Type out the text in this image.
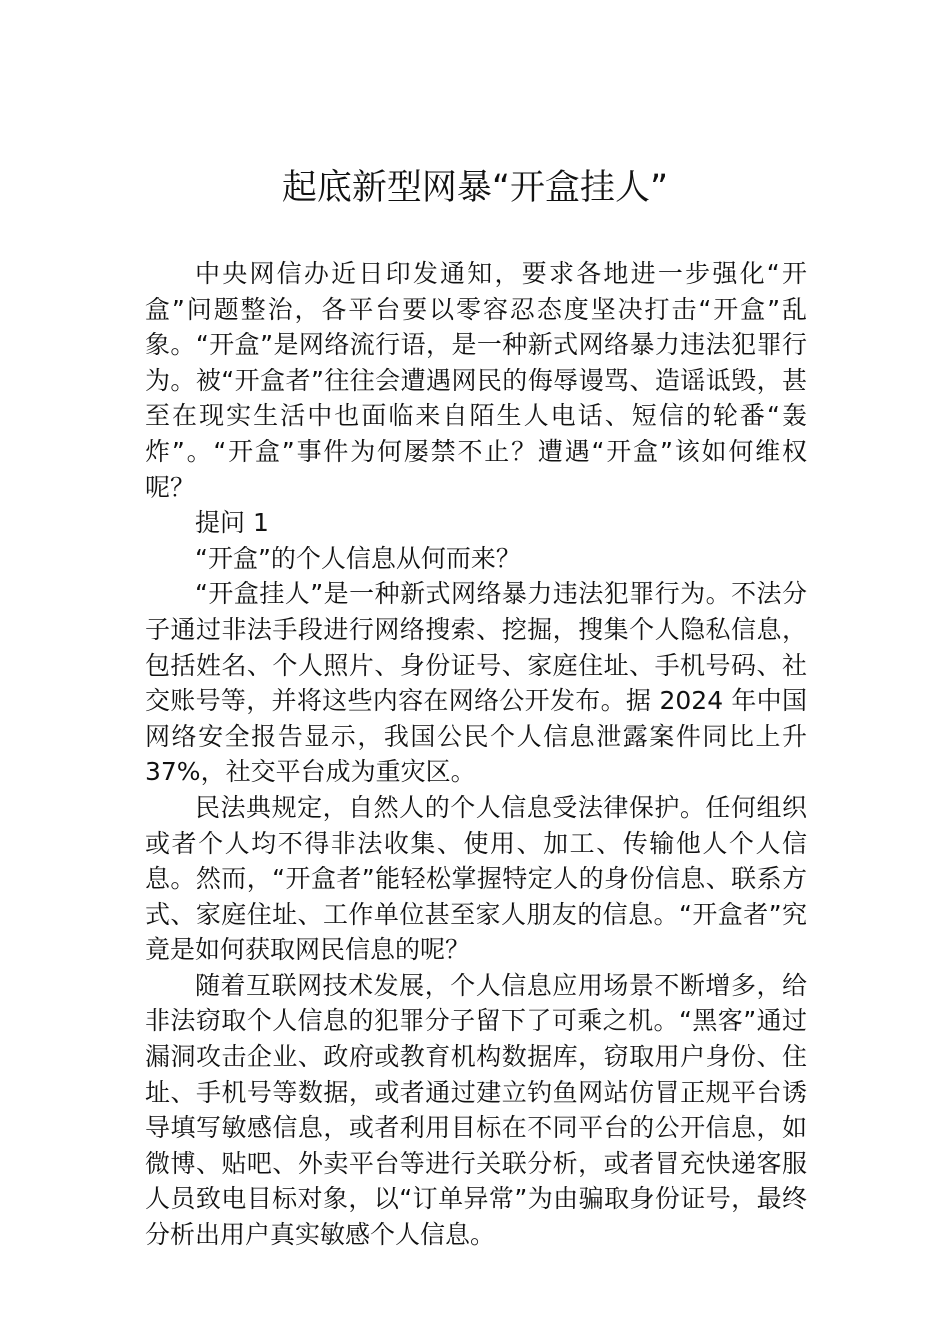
起底新型网暴“开盒挂人”

中央网信办近日印发通知，要求各地进一步强化“开盒”问题整治，各平台要以零容忍态度坚决打击“开盒”乱象。“开盒”是网络流行语，是一种新式网络暴力违法犯罪行为。被“开盒者”往往会遭遇网民的侮辱谩骂、造谣诋毁，甚至在现实生活中也面临来自陌生人电话、短信的轮番“轰炸”。“开盒”事件为何屡禁不止？遭遇“开盒”该如何维权呢？

提问 1

“开盒”的个人信息从何而来？

“开盒挂人”是一种新式网络暴力违法犯罪行为。不法分子通过非法手段进行网络搜索、挖掘，搜集个人隐私信息，包括姓名、个人照片、身份证号、家庭住址、手机号码、社交账号等，并将这些内容在网络公开发布。据 2024 年中国网络安全报告显示，我国公民个人信息泄露案件同比上升 37%，社交平台成为重灾区。

民法典规定，自然人的个人信息受法律保护。任何组织或者个人均不得非法收集、使用、加工、传输他人个人信息。然而，“开盒者”能轻松掌握特定人的身份信息、联系方式、家庭住址、工作单位甚至家人朋友的信息。“开盒者”究竟是如何获取网民信息的呢？

随着互联网技术发展，个人信息应用场景不断增多，给非法窃取个人信息的犯罪分子留下了可乘之机。“黑客”通过漏洞攻击企业、政府或教育机构数据库，窃取用户身份、住址、手机号等数据，或者通过建立钓鱼网站仿冒正规平台诱导填写敏感信息，或者利用目标在不同平台的公开信息，如微博、贴吧、外卖平台等进行关联分析，或者冒充快递客服人员致电目标对象，以“订单异常”为由骗取身份证号，最终分析出用户真实敏感个人信息。
